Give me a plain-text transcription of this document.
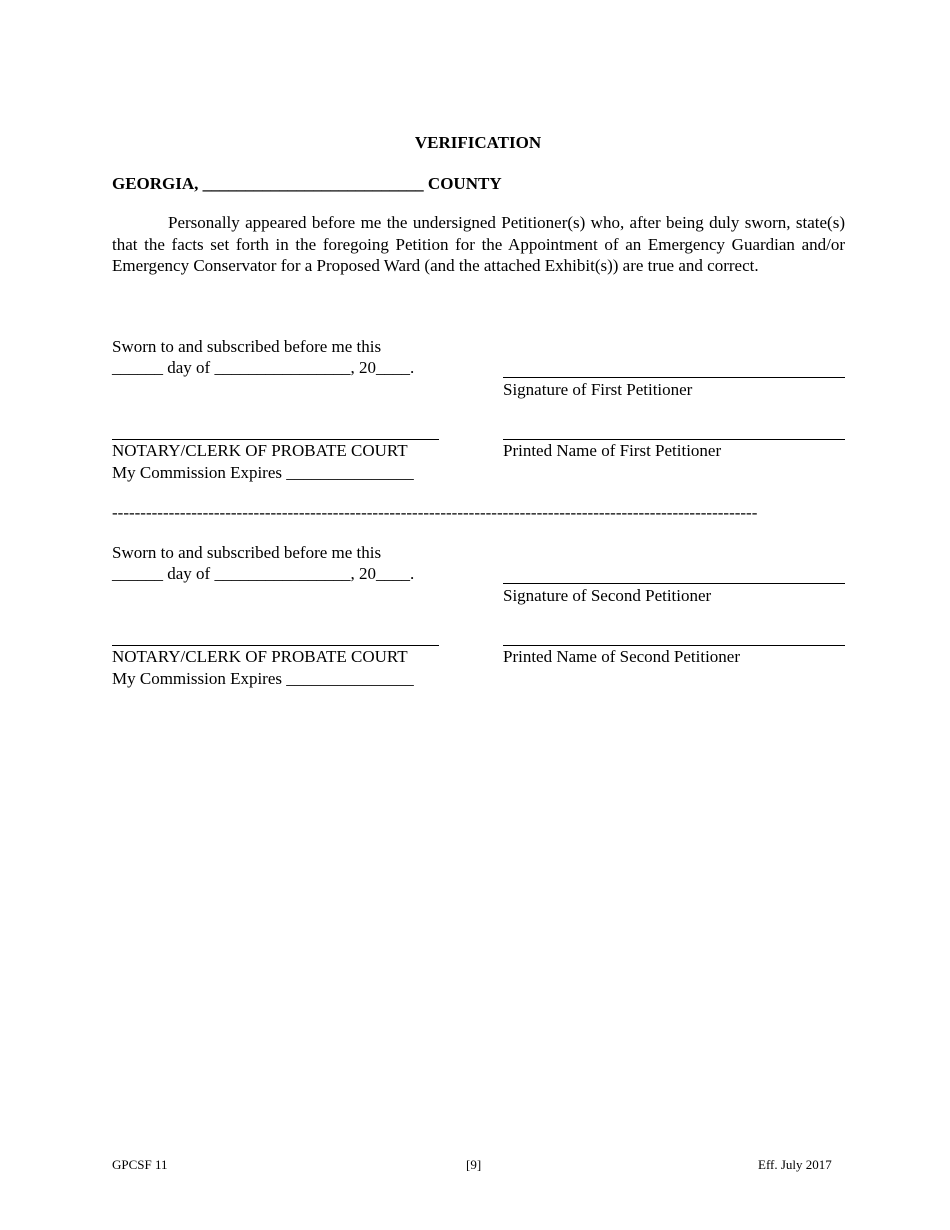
VERIFICATION
GEORGIA, __________________________ COUNTY
Personally appeared before me the undersigned Petitioner(s) who, after being duly sworn, state(s) that the facts set forth in the foregoing Petition for the Appointment of an Emergency Guardian and/or Emergency Conservator for a Proposed Ward (and the attached Exhibit(s)) are true and correct.
Sworn to and subscribed before me this
______ day of ________________, 20____.
Signature of First Petitioner
NOTARY/CLERK OF PROBATE COURT	Printed Name of First Petitioner
My Commission Expires _______________
------------------------------------------------------------------------------------------------------------------
Sworn to and subscribed before me this
______ day of ________________, 20____.
Signature of Second Petitioner
NOTARY/CLERK OF PROBATE COURT	Printed Name of Second Petitioner
My Commission Expires _______________
GPCSF 11	[9]	Eff. July 2017
